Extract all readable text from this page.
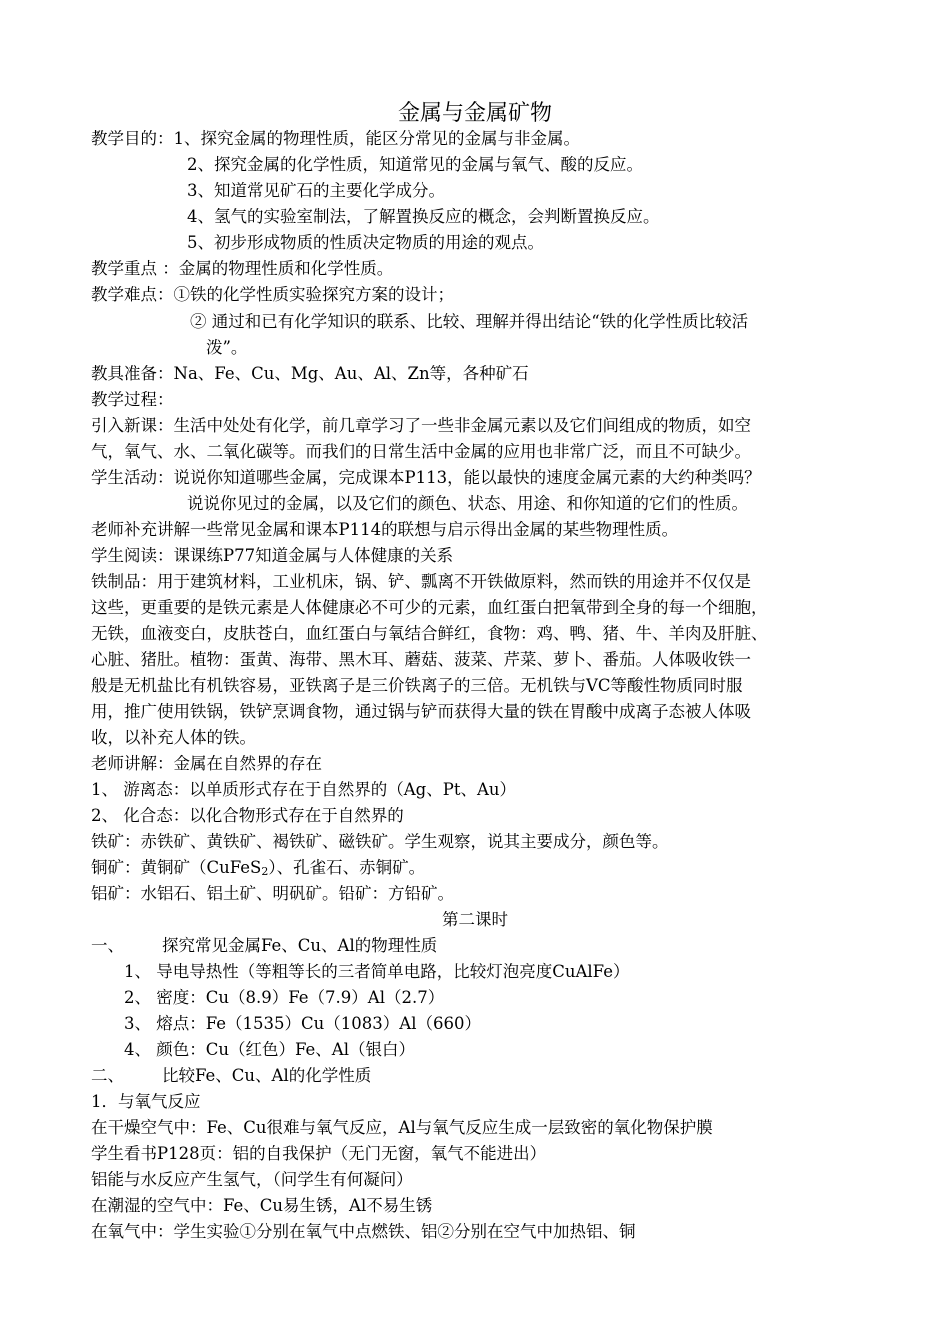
金属与金属矿物
教学目的：1、探究金属的物理性质，能区分常见的金属与非金属。
2、探究金属的化学性质，知道常见的金属与氧气、酸的反应。
3、知道常见矿石的主要化学成分。
4、氢气的实验室制法，了解置换反应的概念，会判断置换反应。
5、初步形成物质的性质决定物质的用途的观点。
教学重点 ：金属的物理性质和化学性质。
教学难点：①铁的化学性质实验探究方案的设计；
② 通过和已有化学知识的联系、比较、理解并得出结论“铁的化学性质比较活
泼”。
教具准备：Na、Fe、Cu、Mg、Au、Al、Zn等，各种矿石
教学过程：
引入新课：生活中处处有化学，前几章学习了一些非金属元素以及它们间组成的物质，如空
气，氧气、水、二氧化碳等。而我们的日常生活中金属的应用也非常广泛，而且不可缺少。
学生活动：说说你知道哪些金属，完成课本P113，能以最快的速度金属元素的大约种类吗？
说说你见过的金属，以及它们的颜色、状态、用途、和你知道的它们的性质。
老师补充讲解一些常见金属和课本P114的联想与启示得出金属的某些物理性质。
学生阅读：课课练P77知道金属与人体健康的关系
铁制品：用于建筑材料，工业机床，锅、铲、瓢离不开铁做原料，然而铁的用途并不仅仅是
这些，更重要的是铁元素是人体健康必不可少的元素，血红蛋白把氧带到全身的每一个细胞，
无铁，血液变白，皮肤苍白，血红蛋白与氧结合鲜红，食物：鸡、鸭、猪、牛、羊肉及肝脏、
心脏、猪肚。植物：蛋黄、海带、黑木耳、蘑菇、菠菜、芹菜、萝卜、番茄。人体吸收铁一
般是无机盐比有机铁容易，亚铁离子是三价铁离子的三倍。无机铁与VC等酸性物质同时服
用，推广使用铁锅，铁铲烹调食物，通过锅与铲而获得大量的铁在胃酸中成离子态被人体吸
收，以补充人体的铁。
老师讲解：金属在自然界的存在
1、 游离态：以单质形式存在于自然界的（Ag、Pt、Au）
2、 化合态：以化合物形式存在于自然界的
铁矿：赤铁矿、黄铁矿、褐铁矿、磁铁矿。学生观察，说其主要成分，颜色等。
铜矿：黄铜矿（CuFeS$_2$）、孔雀石、赤铜矿。
铝矿：水铝石、铝土矿、明矾矿。铅矿：方铅矿。
第二课时
一、 探究常见金属Fe、Cu、Al的物理性质
1、 导电导热性（等粗等长的三者简单电路，比较灯泡亮度CuAlFe）
2、 密度：Cu（8.9）Fe（7.9）Al（2.7）
3、 熔点：Fe（1535）Cu（1083）Al（660）
4、 颜色：Cu（红色）Fe、Al（银白）
二、 比较Fe、Cu、Al的化学性质
1．与氧气反应
在干燥空气中：Fe、Cu很难与氧气反应，Al与氧气反应生成一层致密的氧化物保护膜
学生看书P128页：铝的自我保护（无门无窗，氧气不能进出）
铝能与水反应产生氢气，（问学生有何凝问）
在潮湿的空气中：Fe、Cu易生锈，Al不易生锈
在氧气中：学生实验①分别在氧气中点燃铁、铝②分别在空气中加热铝、铜
